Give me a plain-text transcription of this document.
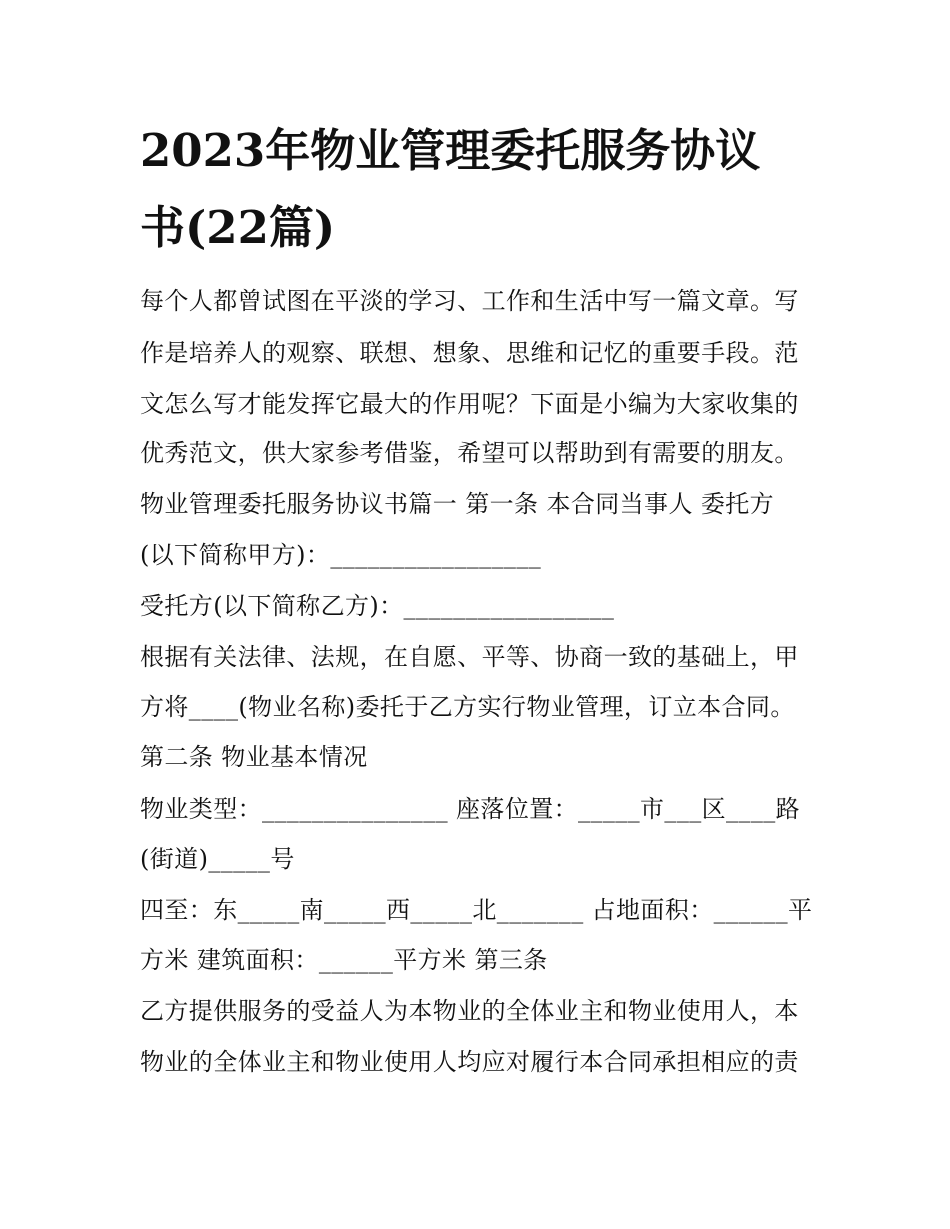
2023年物业管理委托服务协议
书(22篇)
每个人都曾试图在平淡的学习、工作和生活中写一篇文章。写
作是培养人的观察、联想、想象、思维和记忆的重要手段。范
文怎么写才能发挥它最大的作用呢？下面是小编为大家收集的
优秀范文，供大家参考借鉴，希望可以帮助到有需要的朋友。
物业管理委托服务协议书篇一 第一条 本合同当事人 委托方
(以下简称甲方)：_________________
受托方(以下简称乙方)：_________________
根据有关法律、法规，在自愿、平等、协商一致的基础上，甲
方将____(物业名称)委托于乙方实行物业管理，订立本合同。
第二条 物业基本情况
物业类型：_______________ 座落位置：_____市___区____路
(街道)_____号
四至：东_____南_____西_____北_______ 占地面积：______平
方米 建筑面积：______平方米 第三条
乙方提供服务的受益人为本物业的全体业主和物业使用人，本
物业的全体业主和物业使用人均应对履行本合同承担相应的责
